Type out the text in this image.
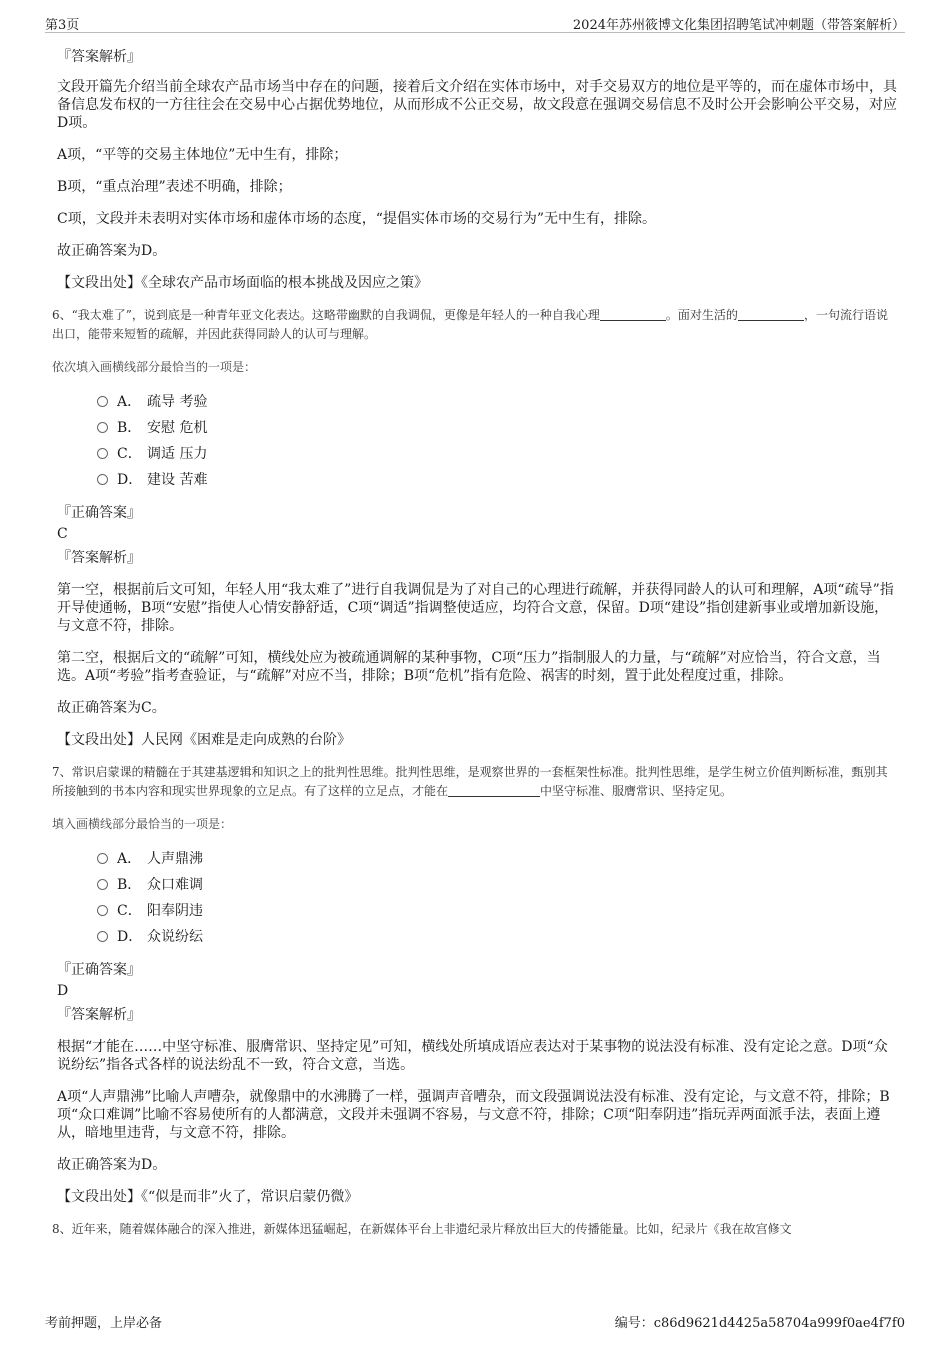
第3页	2024年苏州筱博文化集团招聘笔试冲刺题（带答案解析）
『答案解析』
文段开篇先介绍当前全球农产品市场当中存在的问题，接着后文介绍在实体市场中，对手交易双方的地位是平等的，而在虚体市场中，具备信息发布权的一方往往会在交易中心占据优势地位，从而形成不公正交易，故文段意在强调交易信息不及时公开会影响公平交易，对应D项。
A项，“平等的交易主体地位”无中生有，排除；
B项，“重点治理”表述不明确，排除；
C项，文段并未表明对实体市场和虚体市场的态度，“提倡实体市场的交易行为”无中生有，排除。
故正确答案为D。
【文段出处】《全球农产品市场面临的根本挑战及因应之策》
6、“我太难了”，说到底是一种青年亚文化表达。这略带幽默的自我调侃，更像是年轻人的一种自我心理	。面对生活的	，一句流行语说出口，能带来短暂的疏解，并因此获得同龄人的认可与理解。
依次填入画横线部分最恰当的一项是：
A． 疏导 考验
B． 安慰 危机
C． 调适 压力
D． 建设 苦难
『正确答案』
C
『答案解析』
第一空，根据前后文可知，年轻人用“我太难了”进行自我调侃是为了对自己的心理进行疏解，并获得同龄人的认可和理解，A项“疏导”指开导使通畅，B项“安慰”指使人心情安静舒适，C项“调适”指调整使适应，均符合文意，保留。D项“建设”指创建新事业或增加新设施，与文意不符，排除。
第二空，根据后文的“疏解”可知，横线处应为被疏通调解的某种事物，C项“压力”指制服人的力量，与“疏解”对应恰当，符合文意，当选。A项“考验”指考查验证，与“疏解”对应不当，排除；B项“危机”指有危险、祸害的时刻，置于此处程度过重，排除。
故正确答案为C。
【文段出处】人民网《困难是走向成熟的台阶》
7、常识启蒙课的精髓在于其建基逻辑和知识之上的批判性思维。批判性思维，是观察世界的一套框架性标准。批判性思维，是学生树立价值判断标准，甄别其所接触到的书本内容和现实世界现象的立足点。有了这样的立足点，才能在	中坚守标准、服膺常识、坚持定见。
填入画横线部分最恰当的一项是：
A． 人声鼎沸
B． 众口难调
C． 阳奉阴违
D． 众说纷纭
『正确答案』
D
『答案解析』
根据“才能在……中坚守标准、服膺常识、坚持定见”可知，横线处所填成语应表达对于某事物的说法没有标准、没有定论之意。D项“众说纷纭”指各式各样的说法纷乱不一致，符合文意，当选。
A项“人声鼎沸”比喻人声嘈杂，就像鼎中的水沸腾了一样，强调声音嘈杂，而文段强调说法没有标准、没有定论，与文意不符，排除；B项“众口难调”比喻不容易使所有的人都满意，文段并未强调不容易，与文意不符，排除；C项“阳奉阴违”指玩弄两面派手法，表面上遵从，暗地里违背，与文意不符，排除。
故正确答案为D。
【文段出处】《“似是而非”火了，常识启蒙仍微》
8、近年来，随着媒体融合的深入推进，新媒体迅猛崛起，在新媒体平台上非遗纪录片释放出巨大的传播能量。比如，纪录片《我在故宫修文
考前押题，上岸必备	编号：c86d9621d4425a58704a999f0ae4f7f0
